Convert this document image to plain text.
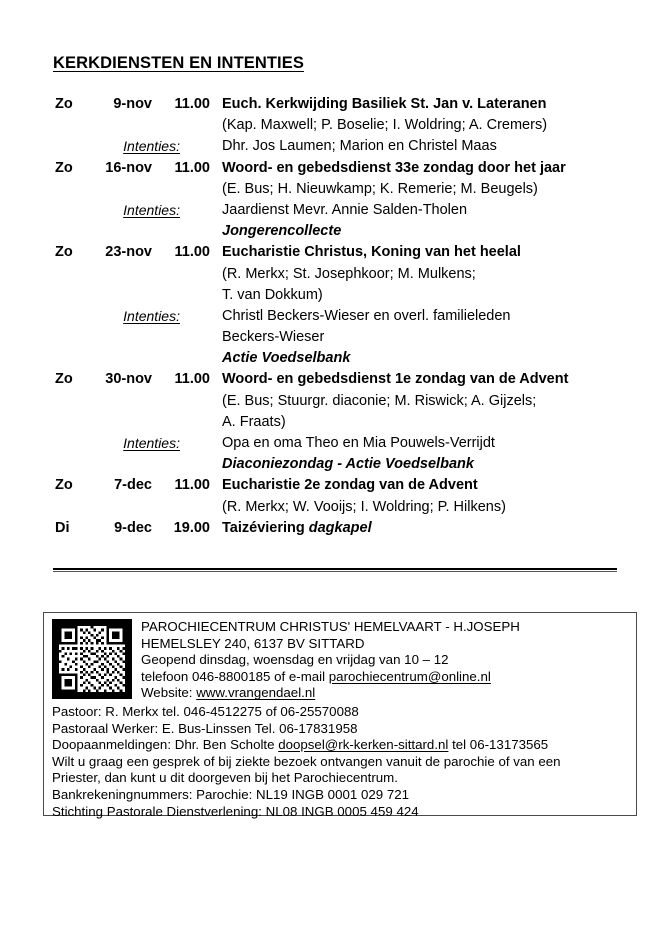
KERKDIENSTEN EN INTENTIES
Zo	9-nov	11.00 Euch. Kerkwijding Basiliek St. Jan v. Lateranen
(Kap. Maxwell; P. Boselie; I. Woldring; A. Cremers)
Intenties:	Dhr. Jos Laumen; Marion en Christel Maas
Zo	16-nov	11.00 Woord- en gebedsdienst 33e zondag door het jaar
(E. Bus; H. Nieuwkamp; K. Remerie; M. Beugels)
Intenties:	Jaardienst Mevr. Annie Salden-Tholen
Jongerencollecte
Zo	23-nov	11.00 Eucharistie Christus, Koning van het heelal
(R. Merkx; St. Josephkoor; M. Mulkens;
T. van Dokkum)
Intenties:	Christl Beckers-Wieser en overl. familieleden
Beckers-Wieser
Actie Voedselbank
Zo	30-nov	11.00 Woord- en gebedsdienst 1e zondag van de Advent
(E. Bus; Stuurgr. diaconie; M. Riswick; A. Gijzels;
A. Fraats)
Intenties:	Opa en oma Theo en Mia Pouwels-Verrijdt
Diaconiezondag - Actie Voedselbank
Zo	7-dec	11.00 Eucharistie 2e zondag van de Advent
(R. Merkx; W. Vooijs; I. Woldring; P. Hilkens)
Di	9-dec	19.00 Taizéviering dagkapel
PAROCHIECENTRUM CHRISTUS' HEMELVAART - H.JOSEPH
HEMELSLEY 240, 6137 BV SITTARD
Geopend dinsdag, woensdag en vrijdag van 10 – 12
telefoon 046-8800185 of e-mail parochiecentrum@online.nl
Website: www.vrangendael.nl
Pastoor: R. Merkx tel. 046-4512275 of 06-25570088
Pastoraal Werker: E. Bus-Linssen Tel. 06-17831958
Doopaanmeldingen: Dhr. Ben Scholte doopsel@rk-kerken-sittard.nl tel 06-13173565
Wilt u graag een gesprek of bij ziekte bezoek ontvangen vanuit de parochie of van een
Priester, dan kunt u dit doorgeven bij het Parochiecentrum.
Bankrekeningnummers: Parochie: NL19 INGB 0001 029 721
Stichting Pastorale Dienstverlening: NL08 INGB 0005 459 424
